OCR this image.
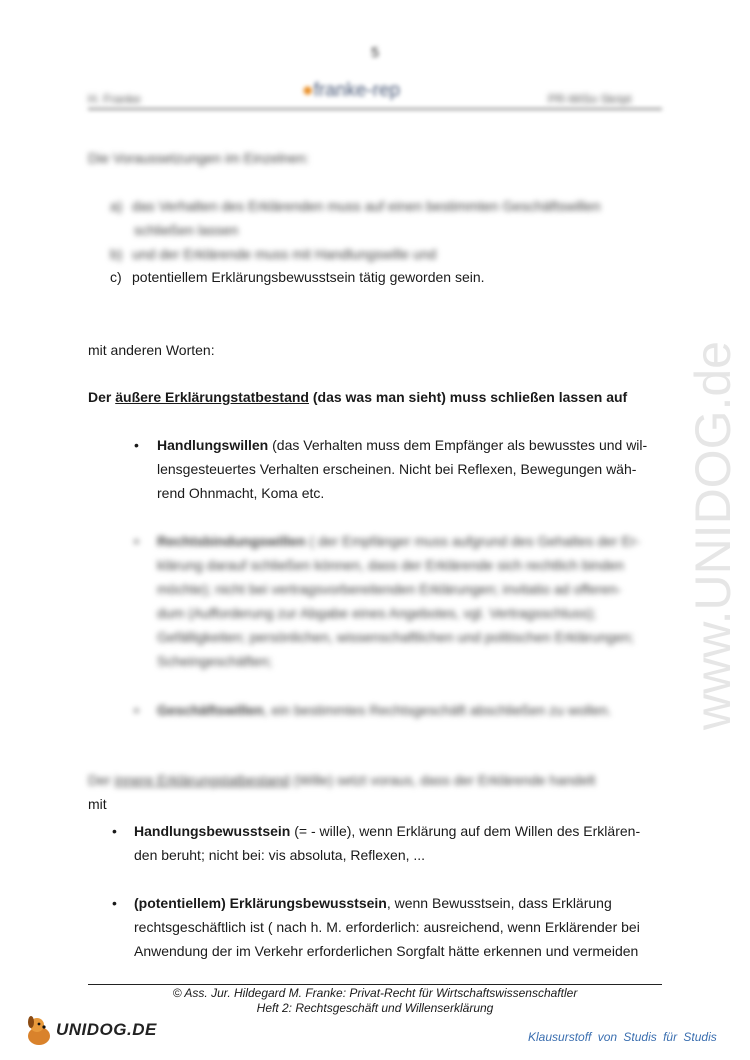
5
H. Franke	●franke-rep	PR-WiSo Skript
Die Voraussetzungen im Einzelnen:
a) das Verhalten des Erklärenden muss auf einen bestimmten Geschäftswillen
schließen lassen
b) und der Erklärende muss mit Handlungswille und
c) potentiellem Erklärungsbewusstsein tätig geworden sein.
mit anderen Worten:
Der äußere Erklärungstatbestand (das was man sieht) muss schließen lassen auf
• Handlungswillen (das Verhalten muss dem Empfänger als bewusstes und wil-
lensgesteuertes Verhalten erscheinen. Nicht bei Reflexen, Bewegungen wäh-
rend Ohnmacht, Koma etc.
• Rechtsbindungswillen ( der Empfänger muss aufgrund des Gehaltes der Er-
klärung darauf schließen können, dass der Erklärende sich rechtlich binden
möchte); nicht bei vertragsvorbereitenden Erklärungen; invitatio ad offeren-
dum (Aufforderung zur Abgabe eines Angebotes, vgl. Vertragsschluss);
Gefälligkeiten; persönlichen, wissenschaftlichen und politischen Erklärungen;
Scheingeschäften;
• Geschäftswillen, ein bestimmtes Rechtsgeschäft abschließen zu wollen.
Der innere Erklärungstatbestand (Wille) setzt voraus, dass der Erklärende handelt
mit
• Handlungsbewusstsein (= - wille), wenn Erklärung auf dem Willen des Erklären-
den beruht; nicht bei: vis absoluta, Reflexen, ...
• (potentiellem) Erklärungsbewusstsein, wenn Bewusstsein, dass Erklärung
rechtsgeschäftlich ist ( nach h. M. erforderlich: ausreichend, wenn Erklärender bei
Anwendung der im Verkehr erforderlichen Sorgfalt hätte erkennen und vermeiden
© Ass. Jur. Hildegard M. Franke: Privat-Recht für Wirtschaftswissenschaftler
Heft 2: Rechtsgeschäft und Willenserklärung
www.UNIDOG.de
UNIDOG.DE	Klausurstoff von Studis für Studis
